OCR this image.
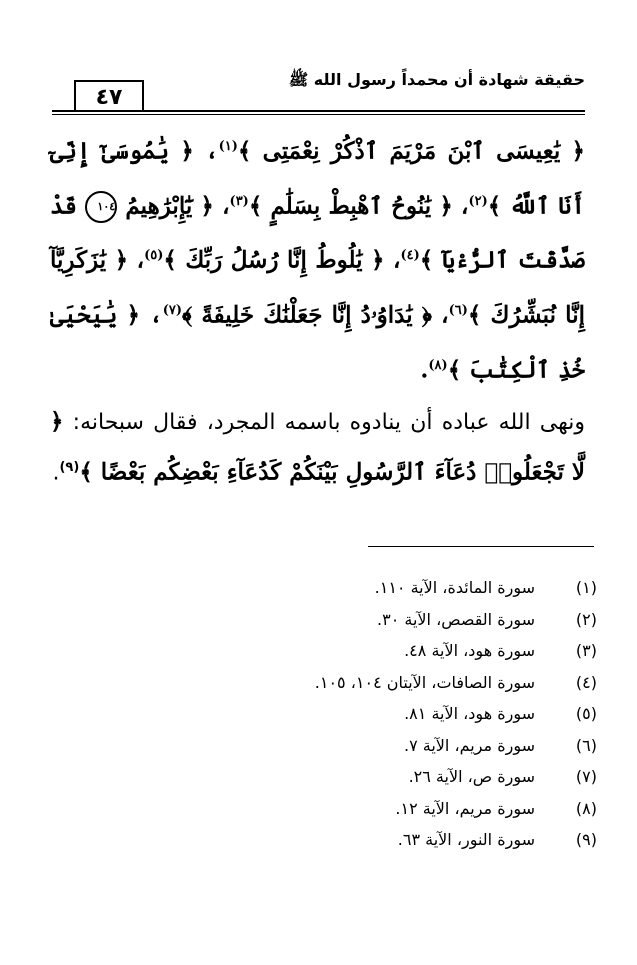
حقيقة شهادة أن محمداً رسول الله ﷺ
٤٧
﴿ يَٰعِيسَى ٱبْنَ مَرْيَمَ ٱذْكُرْ نِعْمَتِى ﴾$^{(١)}$، ﴿ يَٰمُوسَىٰٓ إِنِّىٓ أَنَا ٱللَّهُ ﴾$^{(٢)}$، ﴿ يَٰنُوحُ ٱهْبِطْ بِسَلَٰمٍ ﴾$^{(٣)}$، ﴿ يَٰٓإِبْرَٰهِيمُ ١٠٤ قَدْ صَدَّقْتَ ٱلرُّءْيَآ ﴾$^{(٤)}$، ﴿ يَٰلُوطُ إِنَّا رُسُلُ رَبِّكَ ﴾$^{(٥)}$، ﴿ يَٰزَكَرِيَّآ إِنَّا نُبَشِّرُكَ ﴾$^{(٦)}$، ﴿ يَٰدَاوُۥدُ إِنَّا جَعَلْنَٰكَ خَلِيفَةً ﴾$^{(٧)}$، ﴿ يَٰيَحْيَىٰ خُذِ ٱلْكِتَٰبَ ﴾$^{(٨)}$.
ونهى الله عباده أن ينادوه باسمه المجرد، فقال سبحانه: ﴿ لَّا تَجْعَلُوا۟ دُعَآءَ ٱلرَّسُولِ بَيْنَكُمْ كَدُعَآءِ بَعْضِكُم بَعْضًا ﴾$^{(٩)}$.
(١)سورة المائدة، الآية ١١٠.
(٢)سورة القصص، الآية ٣٠.
(٣)سورة هود، الآية ٤٨.
(٤)سورة الصافات، الآيتان ١٠٤، ١٠٥.
(٥)سورة هود، الآية ٨١.
(٦)سورة مريم، الآية ٧.
(٧)سورة ص، الآية ٢٦.
(٨)سورة مريم، الآية ١٢.
(٩)سورة النور، الآية ٦٣.
